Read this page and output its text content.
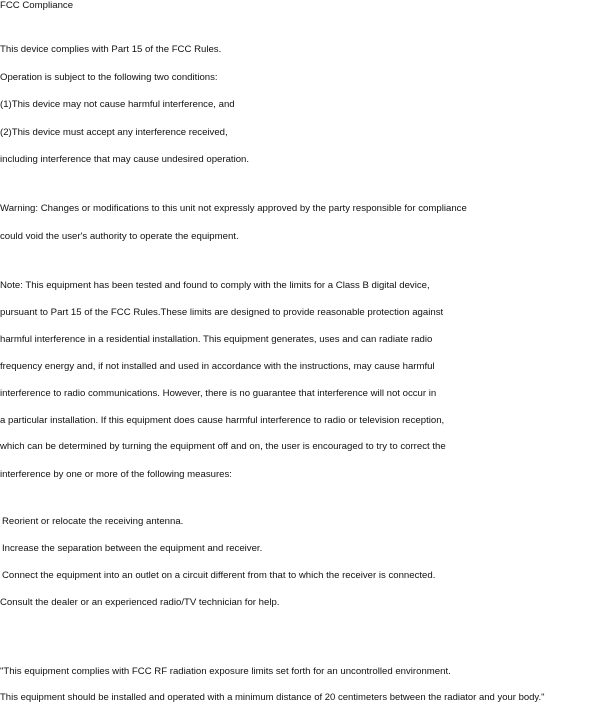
FCC Compliance
This device complies with Part 15 of the FCC Rules.
Operation is subject to the following two conditions:
(1)This device may not cause harmful interference, and
(2)This device must accept any interference received,
including interference that may cause undesired operation.
Warning: Changes or modifications to this unit not expressly approved by the party responsible for compliance
could void the user's authority to operate the equipment.
Note: This equipment has been tested and found to comply with the limits for a Class B digital device,
pursuant to Part 15 of the FCC Rules.These limits are designed to provide reasonable protection against
harmful interference in a residential installation. This equipment generates, uses and can radiate radio
frequency energy and, if not installed and used in accordance with the instructions, may cause harmful
interference to radio communications. However, there is no guarantee that interference will not occur in
a particular installation. If this equipment does cause harmful interference to radio or television reception,
which can be determined by turning the equipment off and on, the user is encouraged to try to correct the
interference by one or more of the following measures:
Reorient or relocate the receiving antenna.
Increase the separation between the equipment and receiver.
Connect the equipment into an outlet on a circuit different from that to which the receiver is connected.
Consult the dealer or an experienced radio/TV technician for help.
"This equipment complies with FCC RF radiation exposure limits set forth for an uncontrolled environment.
This equipment should be installed and operated with a minimum distance of 20 centimeters between the radiator and your body."
